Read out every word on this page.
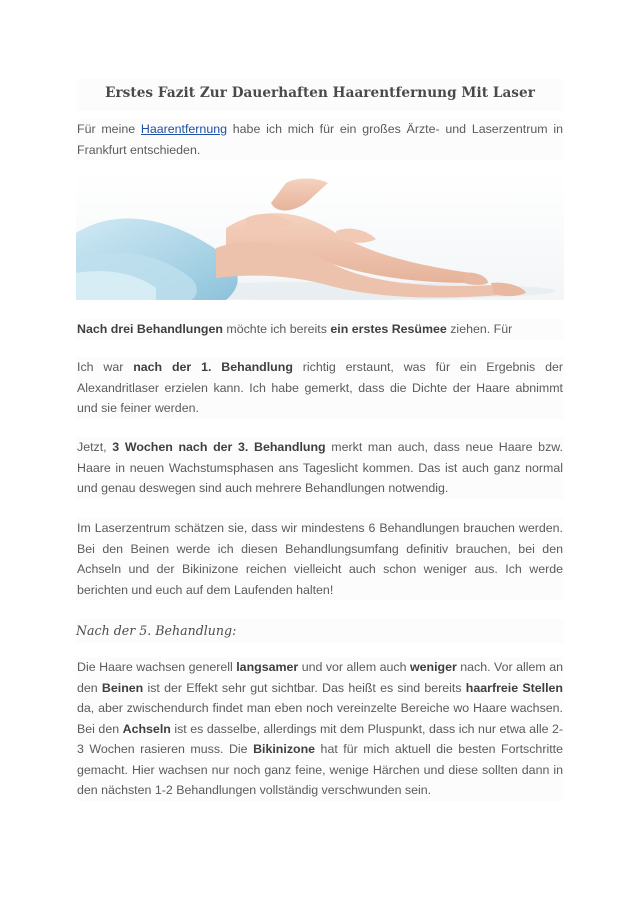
Erstes Fazit Zur Dauerhaften Haarentfernung Mit Laser
Für meine Haarentfernung habe ich mich für ein großes Ärzte- und Laserzentrum in Frankfurt entschieden.
Nach drei Behandlungen möchte ich bereits ein erstes Resümee ziehen. Für
Ich war nach der 1. Behandlung richtig erstaunt, was für ein Ergebnis der Alexandritlaser erzielen kann. Ich habe gemerkt, dass die Dichte der Haare abnimmt und sie feiner werden.
Jetzt, 3 Wochen nach der 3. Behandlung merkt man auch, dass neue Haare bzw. Haare in neuen Wachstumsphasen ans Tageslicht kommen. Das ist auch ganz normal und genau deswegen sind auch mehrere Behandlungen notwendig.
Im Laserzentrum schätzen sie, dass wir mindestens 6 Behandlungen brauchen werden. Bei den Beinen werde ich diesen Behandlungsumfang definitiv brauchen, bei den Achseln und der Bikinizone reichen vielleicht auch schon weniger aus. Ich werde berichten und euch auf dem Laufenden halten!
Nach der 5. Behandlung:
Die Haare wachsen generell langsamer und vor allem auch weniger nach. Vor allem an den Beinen ist der Effekt sehr gut sichtbar. Das heißt es sind bereits haarfreie Stellen da, aber zwischendurch findet man eben noch vereinzelte Bereiche wo Haare wachsen. Bei den Achseln ist es dasselbe, allerdings mit dem Pluspunkt, dass ich nur etwa alle 2-3 Wochen rasieren muss. Die Bikinizone hat für mich aktuell die besten Fortschritte gemacht. Hier wachsen nur noch ganz feine, wenige Härchen und diese sollten dann in den nächsten 1-2 Behandlungen vollständig verschwunden sein.
